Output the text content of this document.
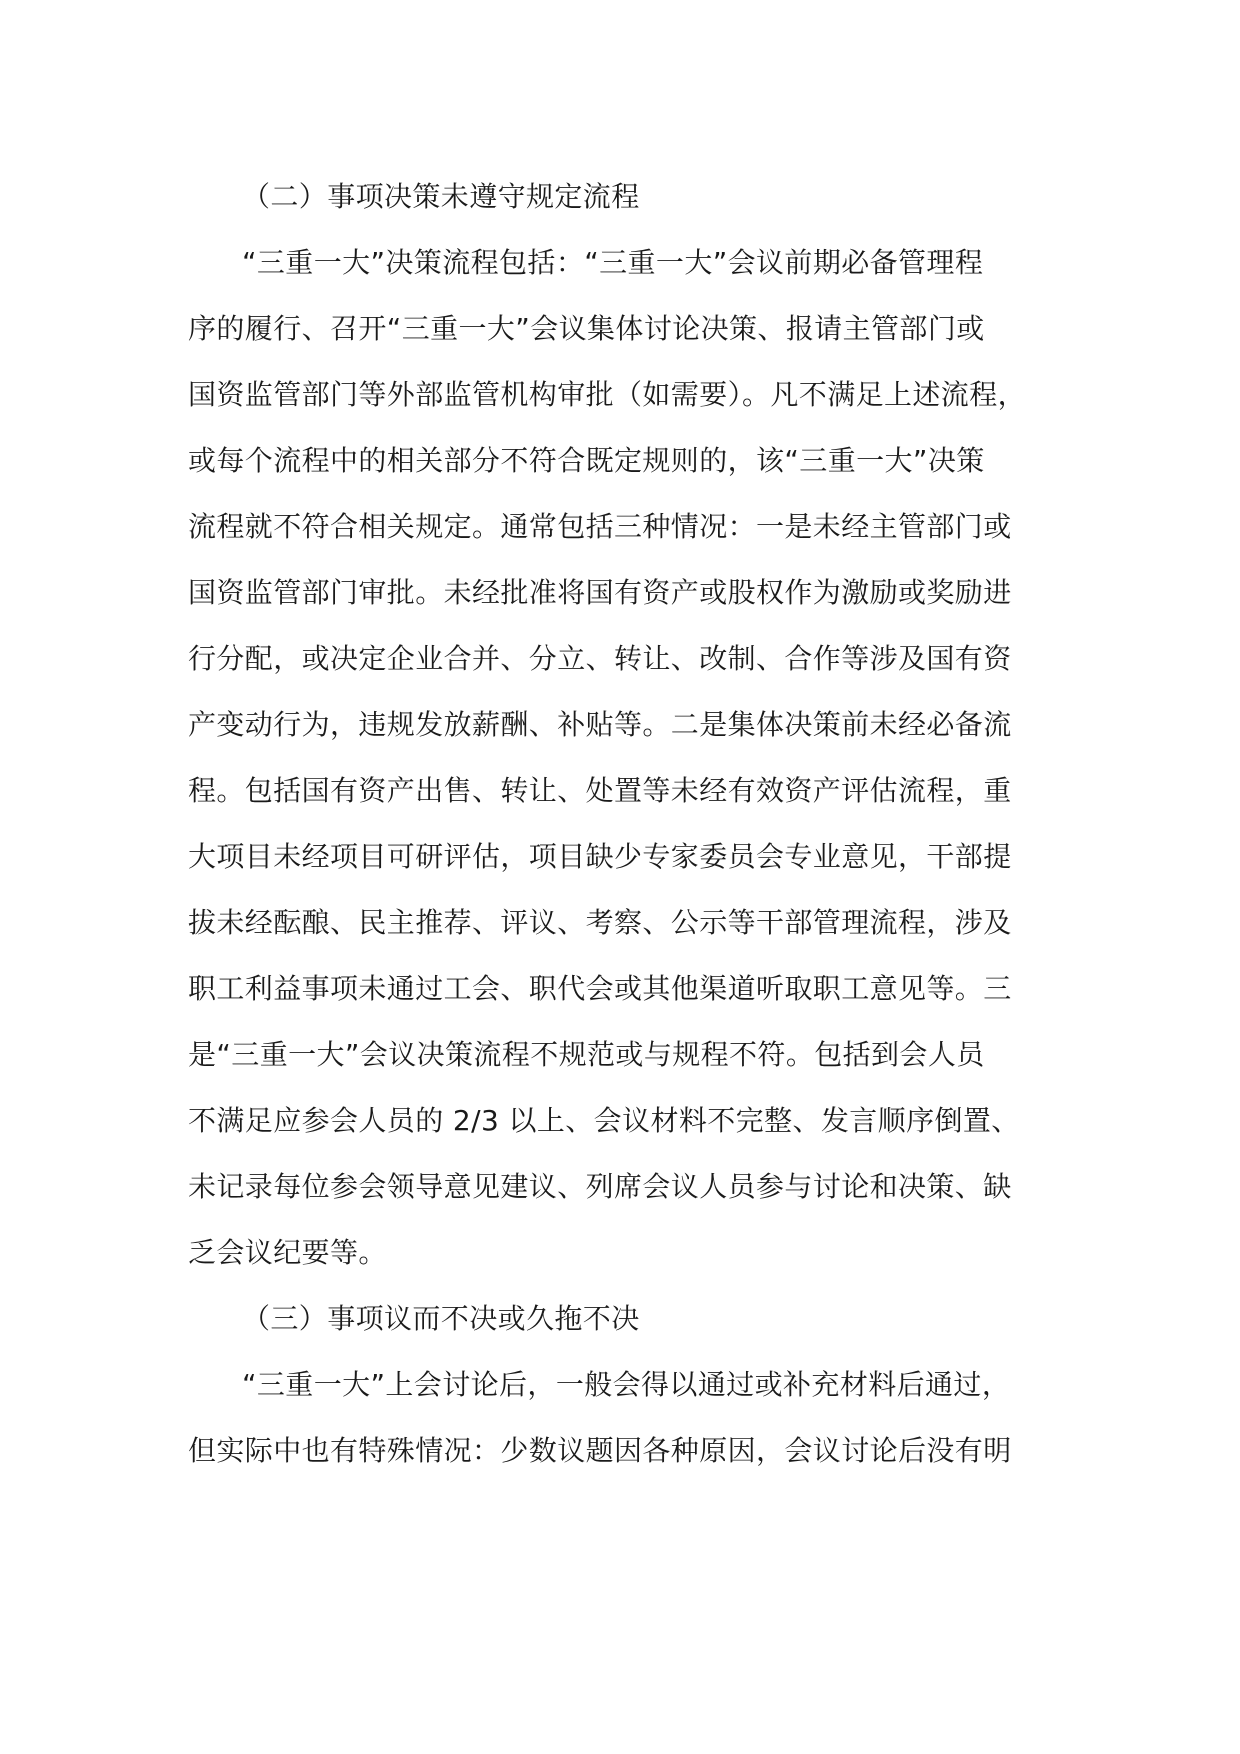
（二）事项决策未遵守规定流程
“三重一大”决策流程包括：“三重一大”会议前期必备管理程
序的履行、召开“三重一大”会议集体讨论决策、报请主管部门或
国资监管部门等外部监管机构审批（如需要）。凡不满足上述流程，
或每个流程中的相关部分不符合既定规则的，该“三重一大”决策
流程就不符合相关规定。通常包括三种情况：一是未经主管部门或
国资监管部门审批。未经批准将国有资产或股权作为激励或奖励进
行分配，或决定企业合并、分立、转让、改制、合作等涉及国有资
产变动行为，违规发放薪酬、补贴等。二是集体决策前未经必备流
程。包括国有资产出售、转让、处置等未经有效资产评估流程，重
大项目未经项目可研评估，项目缺少专家委员会专业意见，干部提
拔未经酝酿、民主推荐、评议、考察、公示等干部管理流程，涉及
职工利益事项未通过工会、职代会或其他渠道听取职工意见等。三
是“三重一大”会议决策流程不规范或与规程不符。包括到会人员
不满足应参会人员的 2/3 以上、会议材料不完整、发言顺序倒置、
未记录每位参会领导意见建议、列席会议人员参与讨论和决策、缺
乏会议纪要等。
（三）事项议而不决或久拖不决
“三重一大”上会讨论后，一般会得以通过或补充材料后通过，
但实际中也有特殊情况：少数议题因各种原因，会议讨论后没有明
